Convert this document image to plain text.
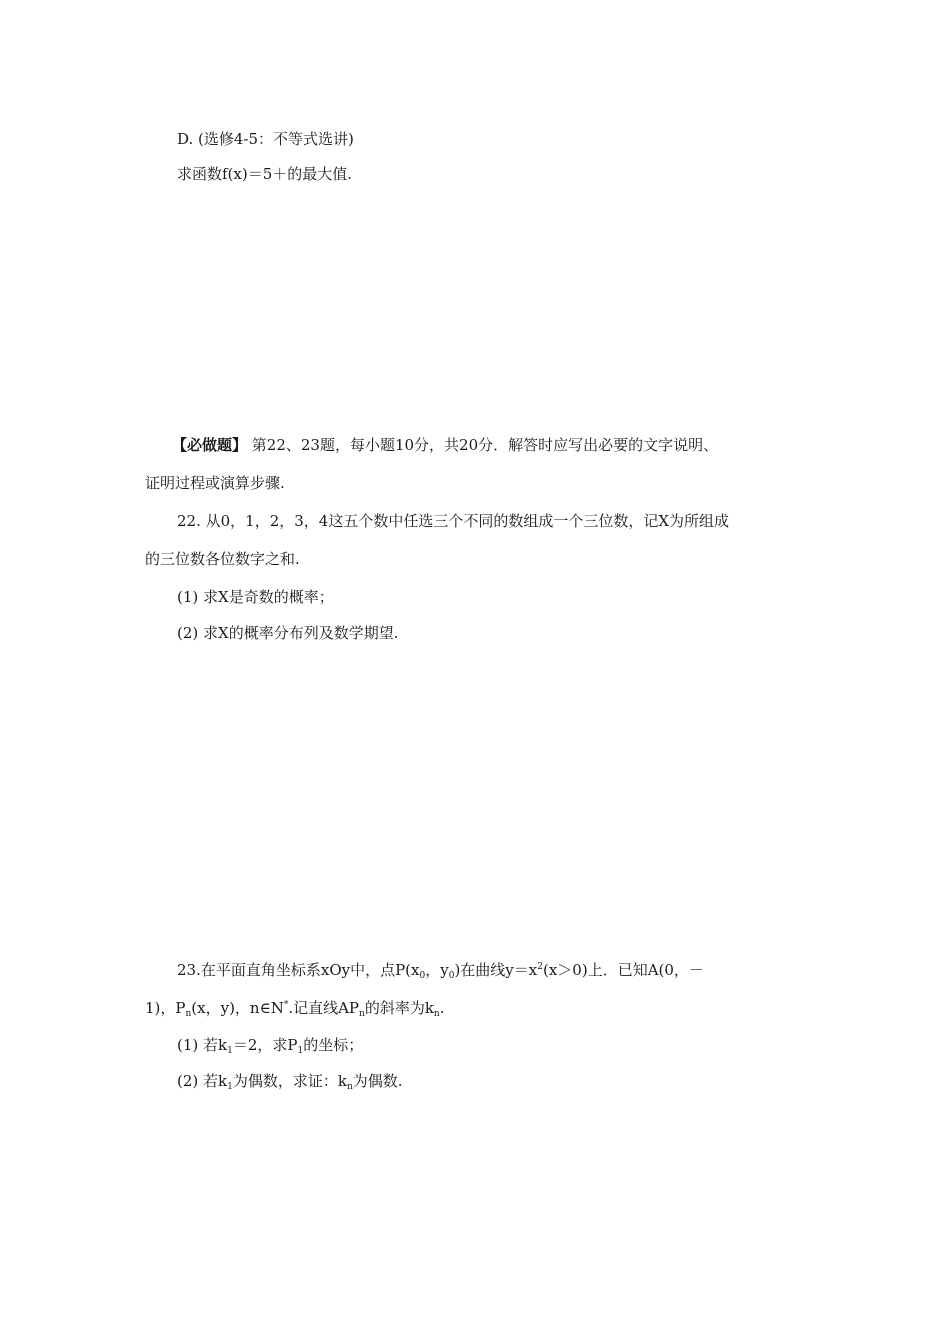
D. (选修4-5：不等式选讲)
求函数f(x)＝5＋的最大值.
【必做题】 第22、23题，每小题10分，共20分．解答时应写出必要的文字说明、
证明过程或演算步骤.
22. 从0，1，2，3，4这五个数中任选三个不同的数组成一个三位数，记X为所组成
的三位数各位数字之和.
(1) 求X是奇数的概率；
(2) 求X的概率分布列及数学期望.
23.在平面直角坐标系xOy中，点$P(x_0$，$y_0$)在曲线$y=x^2(x>0)$上．已知A(0，－
1)，$P_n(x$，y)，n∈N*.记直线$AP_n$的斜率为$k_n$.
(1) 若$k_1=2$，求$P_1$的坐标；
(2) 若$k_1$为偶数，求证：$k_n$为偶数.
